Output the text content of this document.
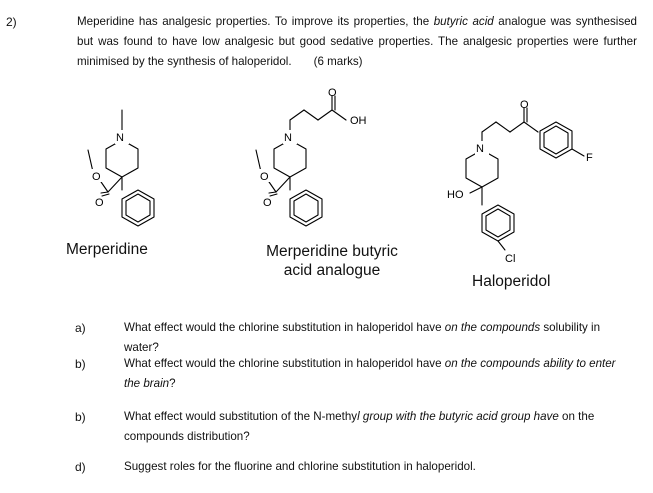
2)	Meperidine has analgesic properties. To improve its properties, the butyric acid analogue was synthesised but was found to have low analgesic but good sedative properties. The analgesic properties were further minimised by the synthesis of haloperidol. (6 marks)
N
O
O
N
O
OH
O
O
N
O
F
HO
Cl
Merperidine	Merperidine butyric
acid analogue
Haloperidol
a)	What effect would the chlorine substitution in haloperidol have on the compounds solubility in water?
b)	What effect would the chlorine substitution in haloperidol have on the compounds ability to enter the brain?
b)	What effect would substitution of the N-methyl group with the butyric acid group have on the compounds distribution?
d)	Suggest roles for the fluorine and chlorine substitution in haloperidol.
